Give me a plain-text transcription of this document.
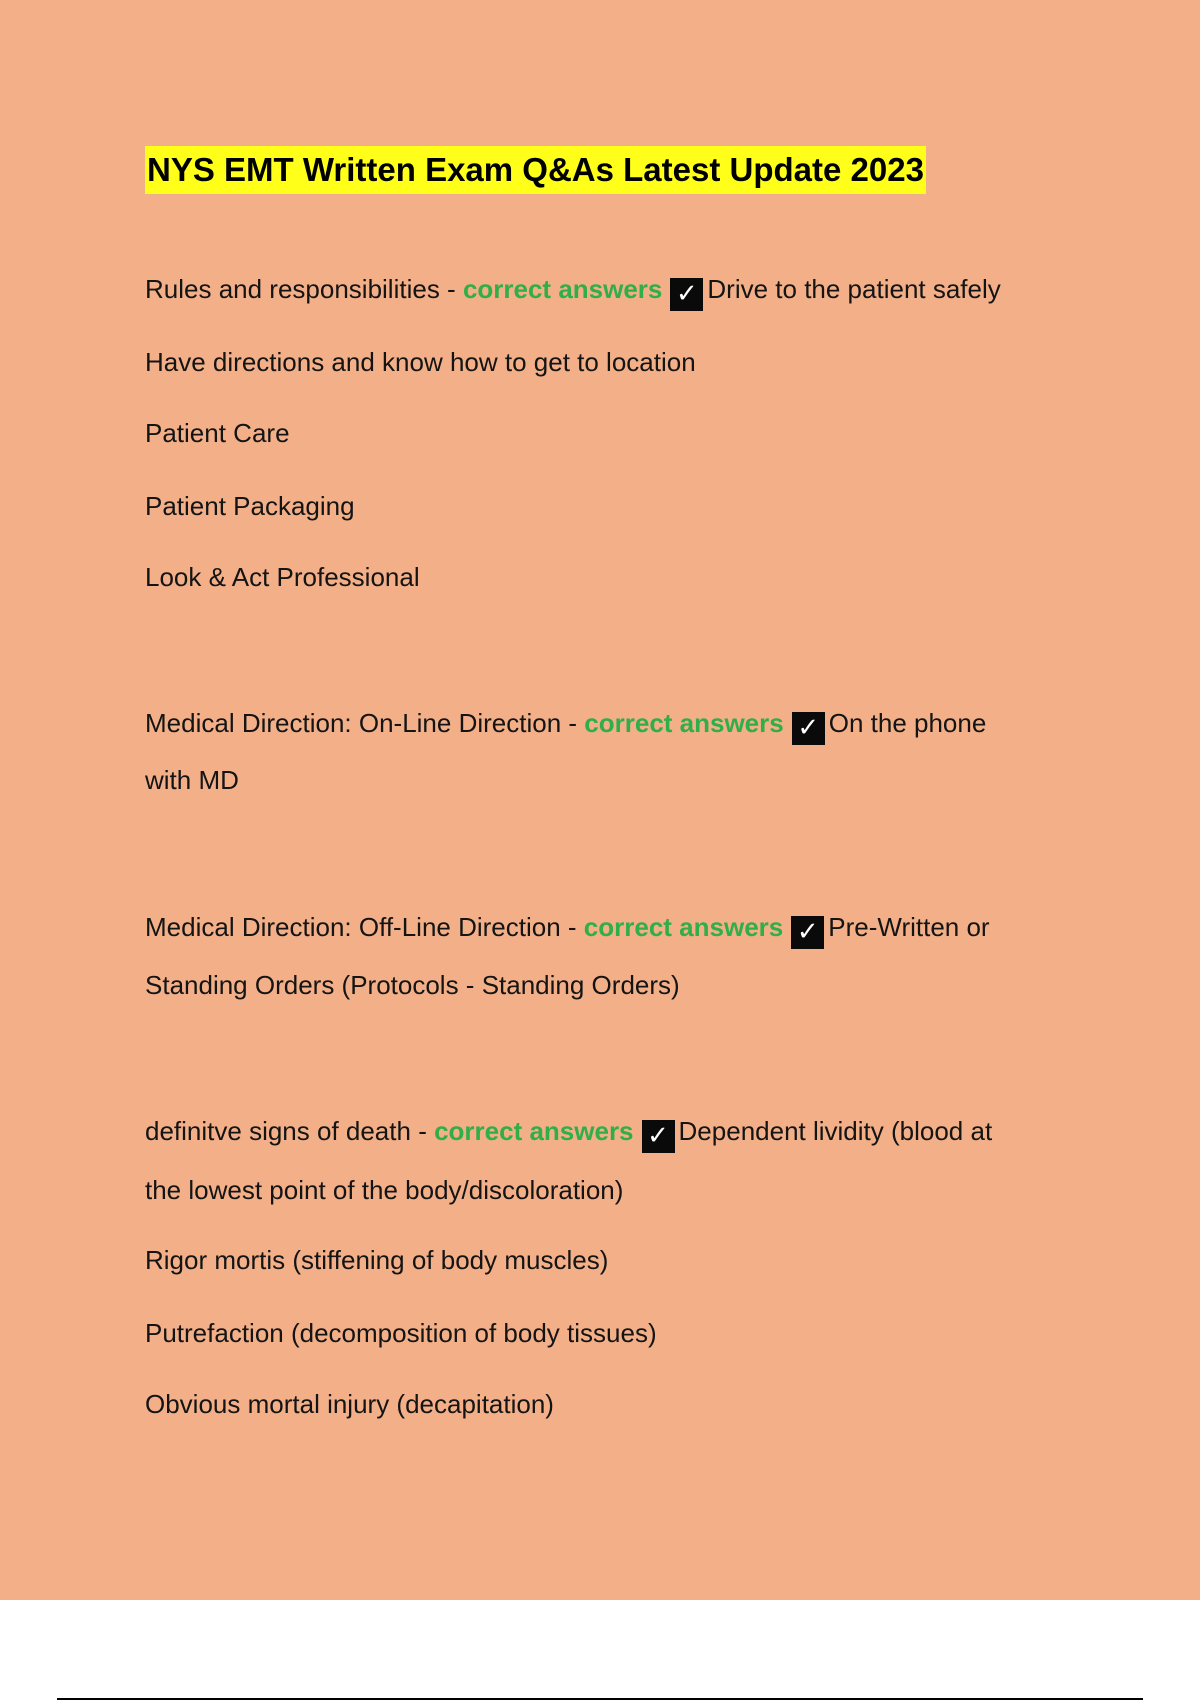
NYS EMT Written Exam Q&As Latest Update 2023

Rules and responsibilities - correct answers ✓ Drive to the patient safely

Have directions and know how to get to location

Patient Care

Patient Packaging

Look & Act Professional

Medical Direction: On-Line Direction - correct answers ✓ On the phone

with MD

Medical Direction: Off-Line Direction - correct answers ✓ Pre-Written or

Standing Orders (Protocols - Standing Orders)

definitve signs of death - correct answers ✓ Dependent lividity (blood at

the lowest point of the body/discoloration)

Rigor mortis (stiffening of body muscles)

Putrefaction (decomposition of body tissues)

Obvious mortal injury (decapitation)
